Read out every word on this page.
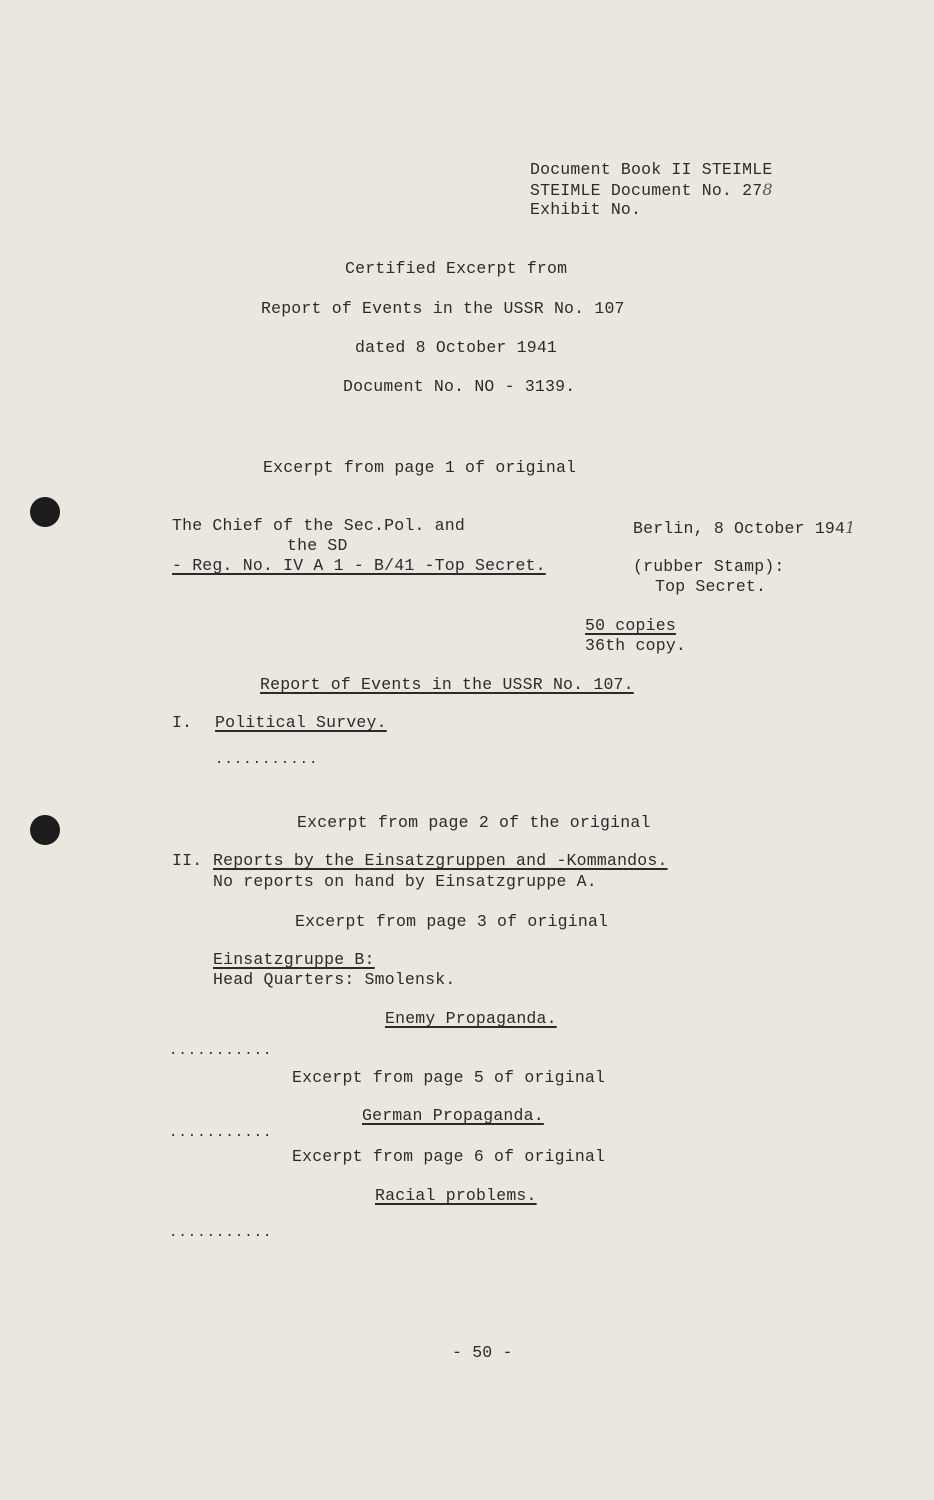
Document Book II STEIMLE
STEIMLE Document No. 278
Exhibit No.
Certified Excerpt from
Report of Events in the USSR No. 107
dated 8 October 1941
Document No. NO - 3139.
Excerpt from page 1 of original
The Chief of the Sec.Pol. and
the SD
- Reg. No. IV A 1 - B/41 -Top Secret.
Berlin, 8 October 1941
(rubber Stamp):
Top Secret.
50 copies
36th copy.
Report of Events in the USSR No. 107.
I. Political Survey.
...........
Excerpt from page 2 of the original
II. Reports by the Einsatzgruppen and -Kommandos.
No reports on hand by Einsatzgruppe A.
Excerpt from page 3 of original
Einsatzgruppe B:
Head Quarters: Smolensk.
Enemy Propaganda.
...........
Excerpt from page 5 of original
German Propaganda.
...........
Excerpt from page 6 of original
Racial problems.
...........
- 50 -
